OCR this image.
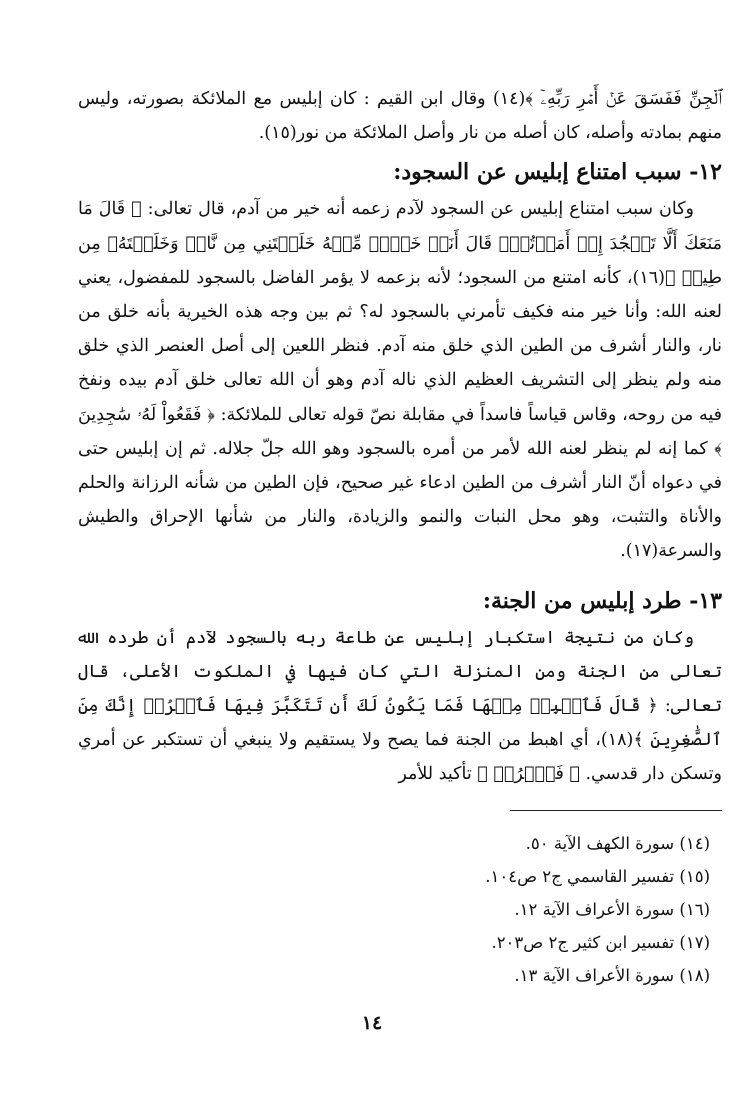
ٱلۡجِنِّ فَفَسَقَ عَنۡ أَمۡرِ رَبِّهِۦٓ ﴾(١٤) وقال ابن القيم : كان إبليس مع الملائكة بصورته، وليس منهم بمادته وأصله، كان أصله من نار وأصل الملائكة من نور(١٥).

١٢- سبب امتناع إبليس عن السجود:

وكان سبب امتناع إبليس عن السجود لآدم زعمه أنه خير من آدم، قال تعالى: ﴿ قَالَ مَا مَنَعَكَ أَلَّا تَسۡجُدَ إِذۡ أَمَرۡتُكَۖ قَالَ أَنَا۠ خَيۡرٞ مِّنۡهُ خَلَقۡتَنِي مِن نَّارٖ وَخَلَقۡتَهُۥ مِن طِينٖ ﴾(١٦)، كأنه امتنع من السجود؛ لأنه بزعمه لا يؤمر الفاضل بالسجود للمفضول، يعني لعنه الله: وأنا خير منه فكيف تأمرني بالسجود له؟ ثم بين وجه هذه الخيرية بأنه خلق من نار، والنار أشرف من الطين الذي خلق منه آدم. فنظر اللعين إلى أصل العنصر الذي خلق منه ولم ينظر إلى التشريف العظيم الذي ناله آدم وهو أن الله تعالى خلق آدم بيده ونفخ فيه من روحه، وقاس قياساً فاسداً في مقابلة نصّ قوله تعالى للملائكة: ﴿ فَقَعُواْ لَهُۥ سَٰجِدِينَ ﴾ كما إنه لم ينظر لعنه الله لأمر من أمره بالسجود وهو الله جلّ جلاله. ثم إن إبليس حتى في دعواه أنّ النار أشرف من الطين ادعاء غير صحيح، فإن الطين من شأنه الرزانة والحلم والأناة والتثبت، وهو محل النبات والنمو والزيادة، والنار من شأنها الإحراق والطيش والسرعة(١٧).

١٣- طرد إبليس من الجنة:

وكان من نتيجة استكبار إبليس عن طاعة ربه بالسجود لآدم أن طرده الله تعالى من الجنة ومن المنزلة التي كان فيها في الملكوت الأعلى، قال تعالى: ﴿ قَالَ فَٱهۡبِطۡ مِنۡهَا فَمَا يَكُونُ لَكَ أَن تَتَكَبَّرَ فِيهَا فَٱخۡرُجۡ إِنَّكَ مِنَ ٱلصَّٰغِرِينَ ﴾(١٨)، أي اهبط من الجنة فما يصح ولا يستقيم ولا ينبغي أن تستكبر عن أمري وتسكن دار قدسي. ﴿ فَٱخۡرُجۡ ﴾ تأكيد للأمر

(١٤) سورة الكهف الآية ٥٠.

(١٥) تفسير القاسمي ج٢ ص١٠٤.

(١٦) سورة الأعراف الآية ١٢.

(١٧) تفسير ابن كثير ج٢ ص٢٠٣.

(١٨) سورة الأعراف الآية ١٣.

١٤
